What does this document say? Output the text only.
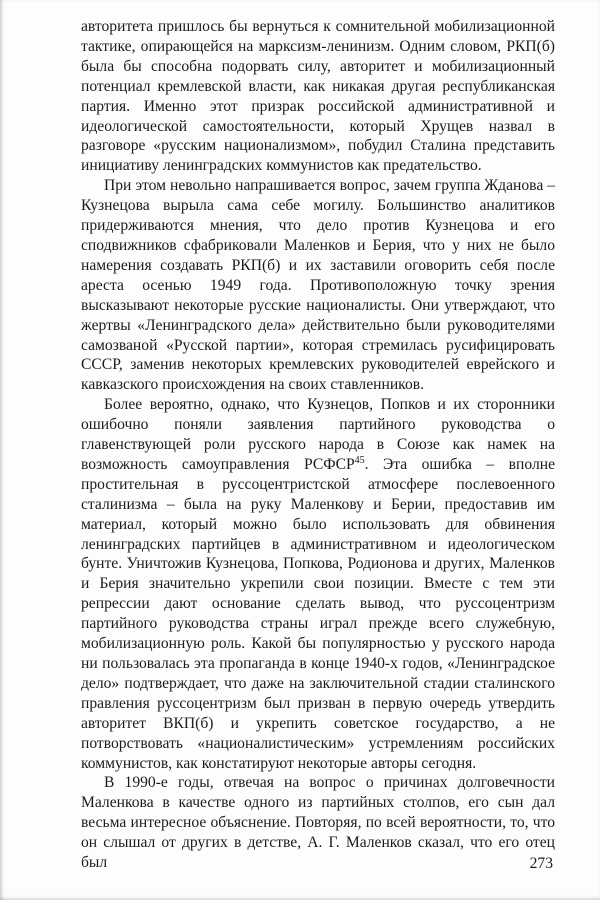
авторитета пришлось бы вернуться к сомнительной мобилизационной тактике, опирающейся на марксизм-ленинизм. Одним словом, РКП(б) была бы способна подорвать силу, авторитет и мобилизационный потенциал кремлевской власти, как никакая другая республиканская партия. Именно этот призрак российской административной и идеологической самостоятельности, который Хрущев назвал в разговоре «русским национализмом», побудил Сталина представить инициативу ленинградских коммунистов как предательство.

При этом невольно напрашивается вопрос, зачем группа Жданова – Кузнецова вырыла сама себе могилу. Большинство аналитиков придерживаются мнения, что дело против Кузнецова и его сподвижников сфабриковали Маленков и Берия, что у них не было намерения создавать РКП(б) и их заставили оговорить себя после ареста осенью 1949 года. Противоположную точку зрения высказывают некоторые русские националисты. Они утверждают, что жертвы «Ленинградского дела» действительно были руководителями самозваной «Русской партии», которая стремилась русифицировать СССР, заменив некоторых кремлевских руководителей еврейского и кавказского происхождения на своих ставленников.

Более вероятно, однако, что Кузнецов, Попков и их сторонники ошибочно поняли заявления партийного руководства о главенствующей роли русского народа в Союзе как намек на возможность самоуправления РСФСР$^{45}$. Эта ошибка – вполне простительная в руссоцентристской атмосфере послевоенного сталинизма – была на руку Маленкову и Берии, предоставив им материал, который можно было использовать для обвинения ленинградских партийцев в административном и идеологическом бунте. Уничтожив Кузнецова, Попкова, Родионова и других, Маленков и Берия значительно укрепили свои позиции. Вместе с тем эти репрессии дают основание сделать вывод, что руссоцентризм партийного руководства страны играл прежде всего служебную, мобилизационную роль. Какой бы популярностью у русского народа ни пользовалась эта пропаганда в конце 1940-х годов, «Ленинградское дело» подтверждает, что даже на заключительной стадии сталинского правления руссоцентризм был призван в первую очередь утвердить авторитет ВКП(б) и укрепить советское государство, а не потворствовать «националистическим» устремлениям российских коммунистов, как констатируют некоторые авторы сегодня.

В 1990-е годы, отвечая на вопрос о причинах долговечности Маленкова в качестве одного из партийных столпов, его сын дал весьма интересное объяснение. Повторяя, по всей вероятности, то, что он слышал от других в детстве, А. Г. Маленков сказал, что его отец был	273
